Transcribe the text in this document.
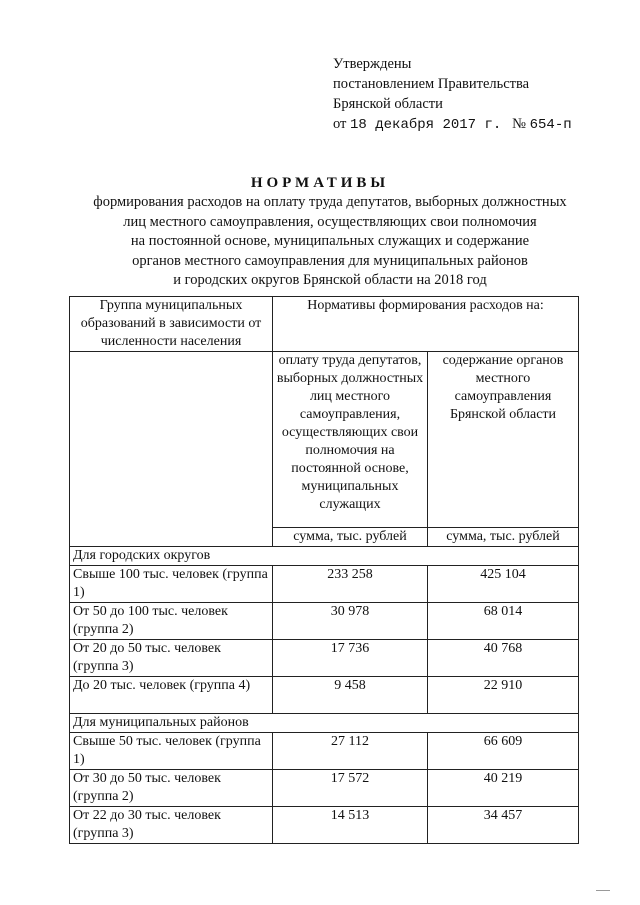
Утверждены
постановлением Правительства
Брянской области
от 18 декабря 2017 г. № 654-п
НОРМАТИВЫ
формирования расходов на оплату труда депутатов, выборных должностных
лиц местного самоуправления, осуществляющих свои полномочия
на постоянной основе, муниципальных служащих и содержание
органов местного самоуправления для муниципальных районов
и городских округов Брянской области на 2018 год
Группа муниципальных образований в зависимости от численности населения	Нормативы формирования расходов на:	
	оплату труда депутатов, выборных должностных лиц местного самоуправления, осуществляющих свои полномочия на постоянной основе, муниципальных служащих	содержание органов местного самоуправления Брянской области
	сумма, тыс. рублей	сумма, тыс. рублей
Для городских округов		
Свыше 100 тыс. человек (группа 1)	233 258	425 104
От 50 до 100 тыс. человек (группа 2)	30 978	68 014
От 20 до 50 тыс. человек (группа 3)	17 736	40 768
До 20 тыс. человек (группа 4)	9 458	22 910
Для муниципальных районов		
Свыше 50 тыс. человек (группа 1)	27 112	66 609
От 30 до 50 тыс. человек (группа 2)	17 572	40 219
От 22 до 30 тыс. человек (группа 3)	14 513	34 457
